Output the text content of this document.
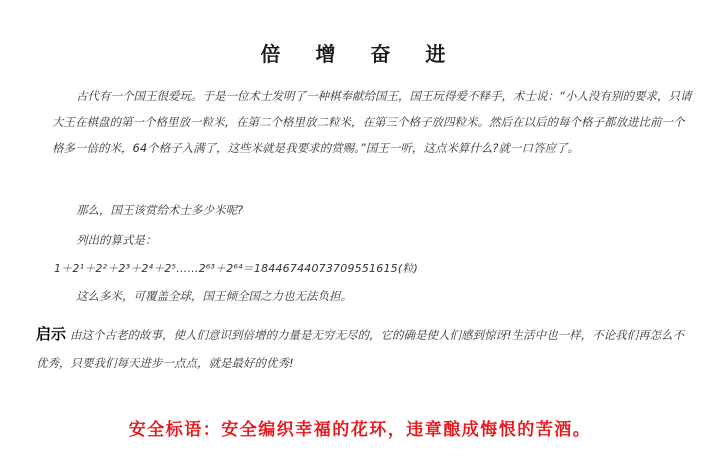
倍 增 奋 进

古代有一个国王很爱玩。于是一位术士发明了一种棋奉献给国王，国王玩得爱不释手，术士说：“小人没有别的要求，只请大王在棋盘的第一个格里放一粒米，在第二个格里放二粒米，在第三个格子放四粒米。然后在以后的每个格子都放进比前一个格多一倍的米，64个格子入满了，这些米就是我要求的赏赐。”国王一听，这点米算什么?就一口答应了。

那么，国王该赏给术士多少米呢?
列出的算式是：
1＋2¹＋2²＋2³＋2⁴＋2⁵……2⁶³＋2⁶⁴＝18446744073709551615(粒)
这么多米，可覆盖全球，国王倾全国之力也无法负担。
启示 由这个古老的故事，使人们意识到倍增的力量是无穷无尽的，它的确是使人们感到惊讶!生活中也一样，不论我们再怎么不优秀，只要我们每天进步一点点，就是最好的优秀!
安全标语：安全编织幸福的花环，违章酿成悔恨的苦酒。
